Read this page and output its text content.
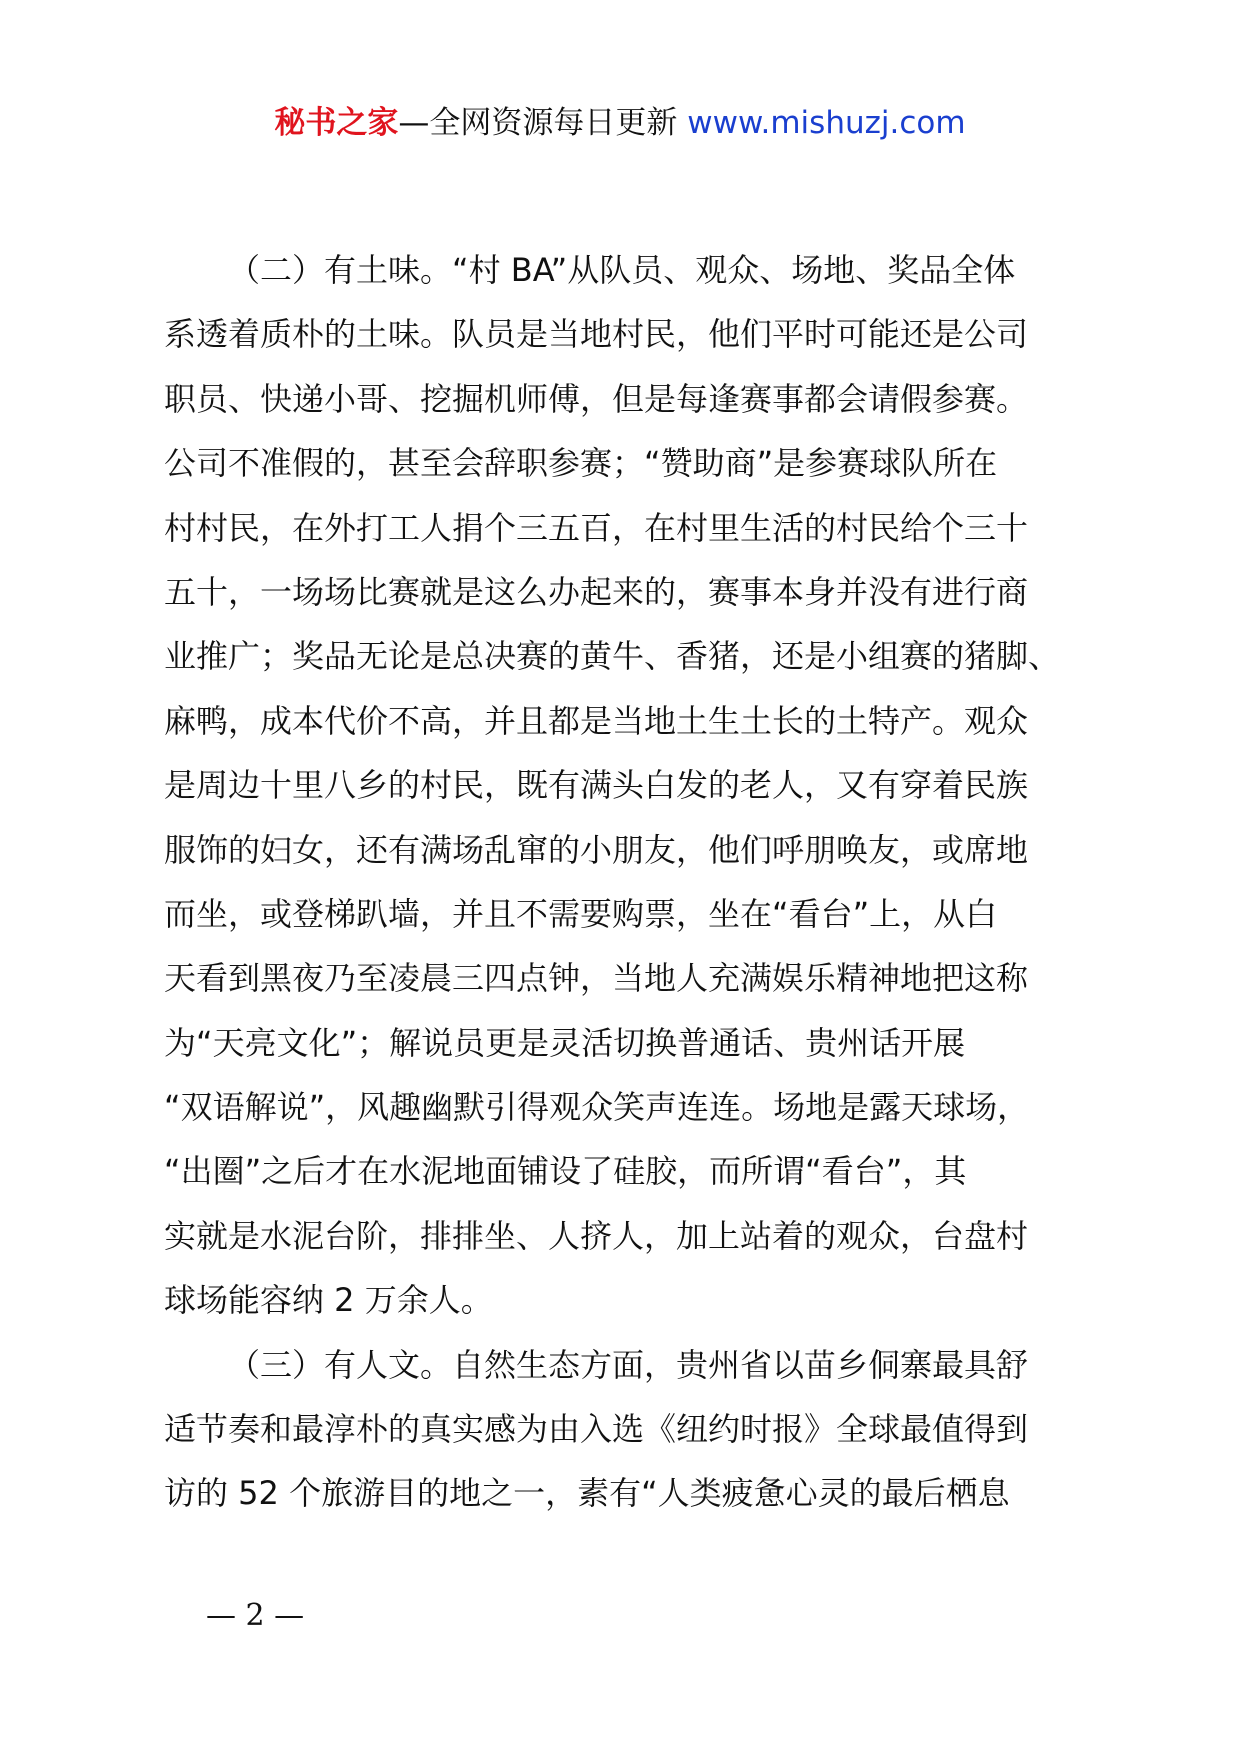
秘书之家—全网资源每日更新 www.mishuzj.com
（二）有土味。“村 BA”从队员、观众、场地、奖品全体
系透着质朴的土味。队员是当地村民，他们平时可能还是公司
职员、快递小哥、挖掘机师傅，但是每逢赛事都会请假参赛。
公司不准假的，甚至会辞职参赛；“赞助商”是参赛球队所在
村村民，在外打工人捐个三五百，在村里生活的村民给个三十
五十，一场场比赛就是这么办起来的，赛事本身并没有进行商
业推广；奖品无论是总决赛的黄牛、香猪，还是小组赛的猪脚、
麻鸭，成本代价不高，并且都是当地土生土长的土特产。观众
是周边十里八乡的村民，既有满头白发的老人，又有穿着民族
服饰的妇女，还有满场乱窜的小朋友，他们呼朋唤友，或席地
而坐，或登梯趴墙，并且不需要购票，坐在“看台”上，从白
天看到黑夜乃至凌晨三四点钟，当地人充满娱乐精神地把这称
为“天亮文化”；解说员更是灵活切换普通话、贵州话开展
“双语解说”，风趣幽默引得观众笑声连连。场地是露天球场，
“出圈”之后才在水泥地面铺设了硅胶，而所谓“看台”，其
实就是水泥台阶，排排坐、人挤人，加上站着的观众，台盘村
球场能容纳 2 万余人。
（三）有人文。自然生态方面，贵州省以苗乡侗寨最具舒
适节奏和最淳朴的真实感为由入选《纽约时报》全球最值得到
访的 52 个旅游目的地之一，素有“人类疲惫心灵的最后栖息
— 2 —
